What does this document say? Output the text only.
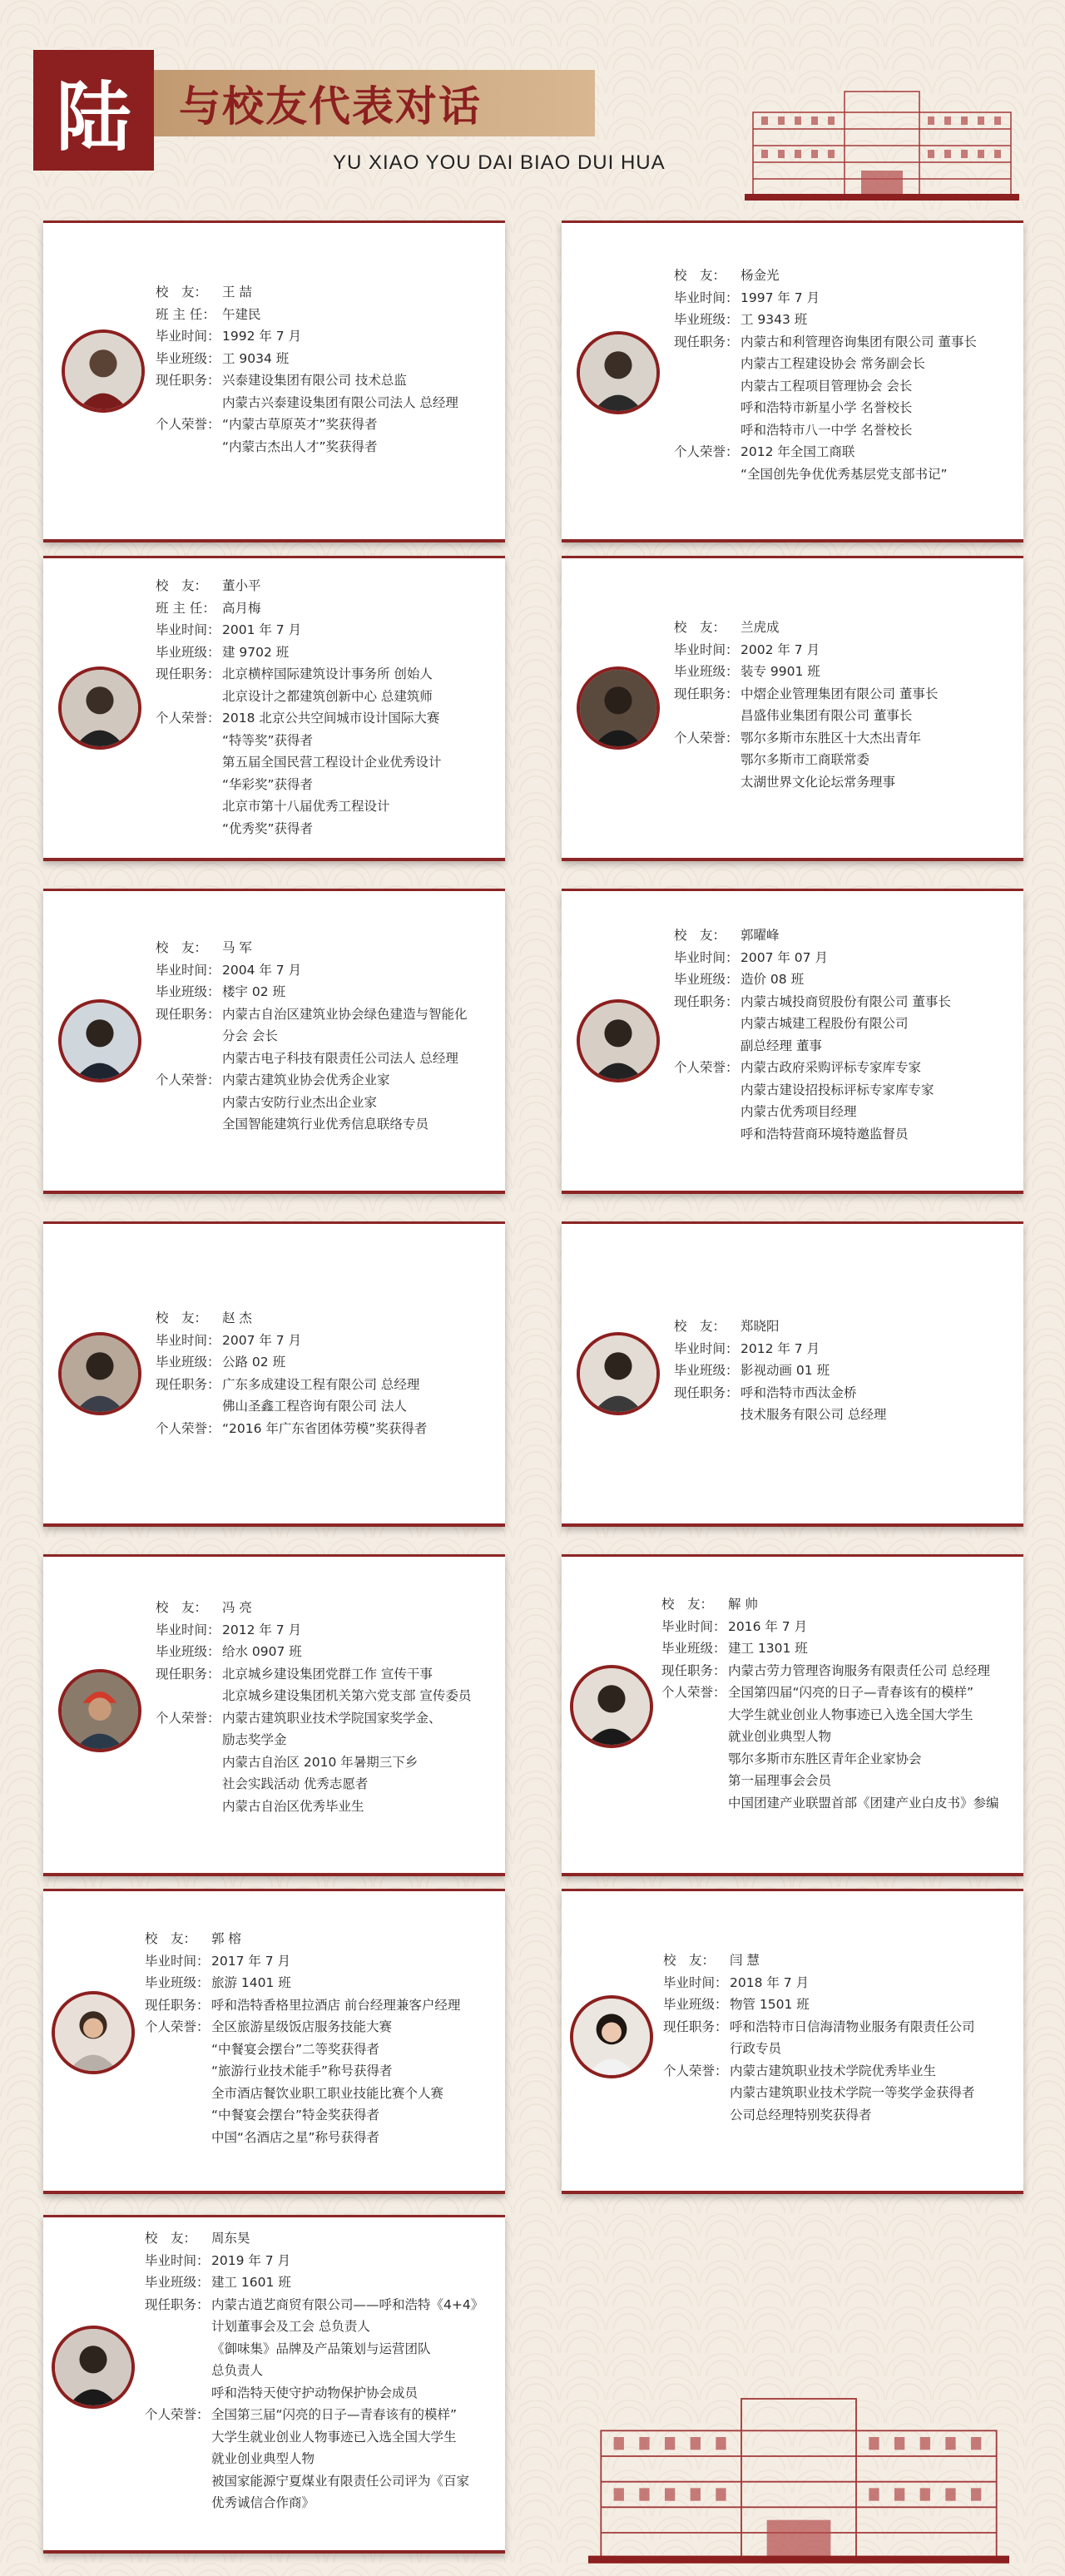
陆	与校友代表对话
YU XIAO YOU DAI BIAO DUI HUA
校　友：	王 喆
班 主 任： 午建民
毕业时间： 1992 年 7 月
毕业班级： 工 9034 班
现任职务： 兴泰建设集团有限公司 技术总监
内蒙古兴泰建设集团有限公司法人 总经理
个人荣誉： “内蒙古草原英才”奖获得者
“内蒙古杰出人才”奖获得者
校　友：	杨金光
毕业时间： 1997 年 7 月
毕业班级： 工 9343 班
现任职务： 内蒙古和利管理咨询集团有限公司 董事长
内蒙古工程建设协会 常务副会长
内蒙古工程项目管理协会 会长
呼和浩特市新星小学 名誉校长
呼和浩特市八一中学 名誉校长
个人荣誉： 2012 年全国工商联
“全国创先争优优秀基层党支部书记”
校　友：	董小平
班 主 任： 高月梅
毕业时间： 2001 年 7 月
毕业班级： 建 9702 班
现任职务： 北京横梓国际建筑设计事务所 创始人
北京设计之都建筑创新中心 总建筑师
个人荣誉： 2018 北京公共空间城市设计国际大赛
“特等奖”获得者
第五届全国民营工程设计企业优秀设计
“华彩奖”获得者
北京市第十八届优秀工程设计
“优秀奖”获得者
校　友：	兰虎成
毕业时间： 2002 年 7 月
毕业班级： 装专 9901 班
现任职务： 中熠企业管理集团有限公司 董事长
昌盛伟业集团有限公司 董事长
个人荣誉： 鄂尔多斯市东胜区十大杰出青年
鄂尔多斯市工商联常委
太湖世界文化论坛常务理事
校　友：	马 军
毕业时间： 2004 年 7 月
毕业班级： 楼宇 02 班
现任职务： 内蒙古自治区建筑业协会绿色建造与智能化
分会 会长
内蒙古电子科技有限责任公司法人 总经理
个人荣誉： 内蒙古建筑业协会优秀企业家
内蒙古安防行业杰出企业家
全国智能建筑行业优秀信息联络专员
校　友：	郭曜峰
毕业时间： 2007 年 07 月
毕业班级： 造价 08 班
现任职务： 内蒙古城投商贸股份有限公司 董事长
内蒙古城建工程股份有限公司
副总经理 董事
个人荣誉： 内蒙古政府采购评标专家库专家
内蒙古建设招投标评标专家库专家
内蒙古优秀项目经理
呼和浩特营商环境特邀监督员
校　友：	赵 杰
毕业时间： 2007 年 7 月
毕业班级： 公路 02 班
现任职务： 广东多成建设工程有限公司 总经理
佛山圣鑫工程咨询有限公司 法人
个人荣誉： “2016 年广东省团体劳模”奖获得者
校　友：	郑晓阳
毕业时间： 2012 年 7 月
毕业班级： 影视动画 01 班
现任职务： 呼和浩特市西汰金桥
技术服务有限公司 总经理
校　友：	冯 亮
毕业时间： 2012 年 7 月
毕业班级： 给水 0907 班
现任职务： 北京城乡建设集团党群工作 宣传干事
北京城乡建设集团机关第六党支部 宣传委员
个人荣誉： 内蒙古建筑职业技术学院国家奖学金、
励志奖学金
内蒙古自治区 2010 年暑期三下乡
社会实践活动 优秀志愿者
内蒙古自治区优秀毕业生
校　友：	解 帅
毕业时间： 2016 年 7 月
毕业班级： 建工 1301 班
现任职务： 内蒙古劳力管理咨询服务有限责任公司 总经理
个人荣誉： 全国第四届“闪亮的日子—青春该有的模样”
大学生就业创业人物事迹已入选全国大学生
就业创业典型人物
鄂尔多斯市东胜区青年企业家协会
第一届理事会会员
中国团建产业联盟首部《团建产业白皮书》参编
校　友：	郭 榕
毕业时间： 2017 年 7 月
毕业班级： 旅游 1401 班
现任职务： 呼和浩特香格里拉酒店 前台经理兼客户经理
个人荣誉： 全区旅游星级饭店服务技能大赛
“中餐宴会摆台”二等奖获得者
“旅游行业技术能手”称号获得者
全市酒店餐饮业职工职业技能比赛个人赛
“中餐宴会摆台”特金奖获得者
中国“名酒店之星”称号获得者
校　友：	闫 慧
毕业时间： 2018 年 7 月
毕业班级： 物管 1501 班
现任职务： 呼和浩特市日信海清物业服务有限责任公司
行政专员
个人荣誉： 内蒙古建筑职业技术学院优秀毕业生
内蒙古建筑职业技术学院一等奖学金获得者
公司总经理特别奖获得者
校　友：	周东昊
毕业时间： 2019 年 7 月
毕业班级： 建工 1601 班
现任职务： 内蒙古逍艺商贸有限公司——呼和浩特《4+4》
计划董事会及工会 总负责人
《御味集》品牌及产品策划与运营团队
总负责人
呼和浩特天使守护动物保护协会成员
个人荣誉： 全国第三届“闪亮的日子—青春该有的模样”
大学生就业创业人物事迹已入选全国大学生
就业创业典型人物
被国家能源宁夏煤业有限责任公司评为《百家
优秀诚信合作商》
